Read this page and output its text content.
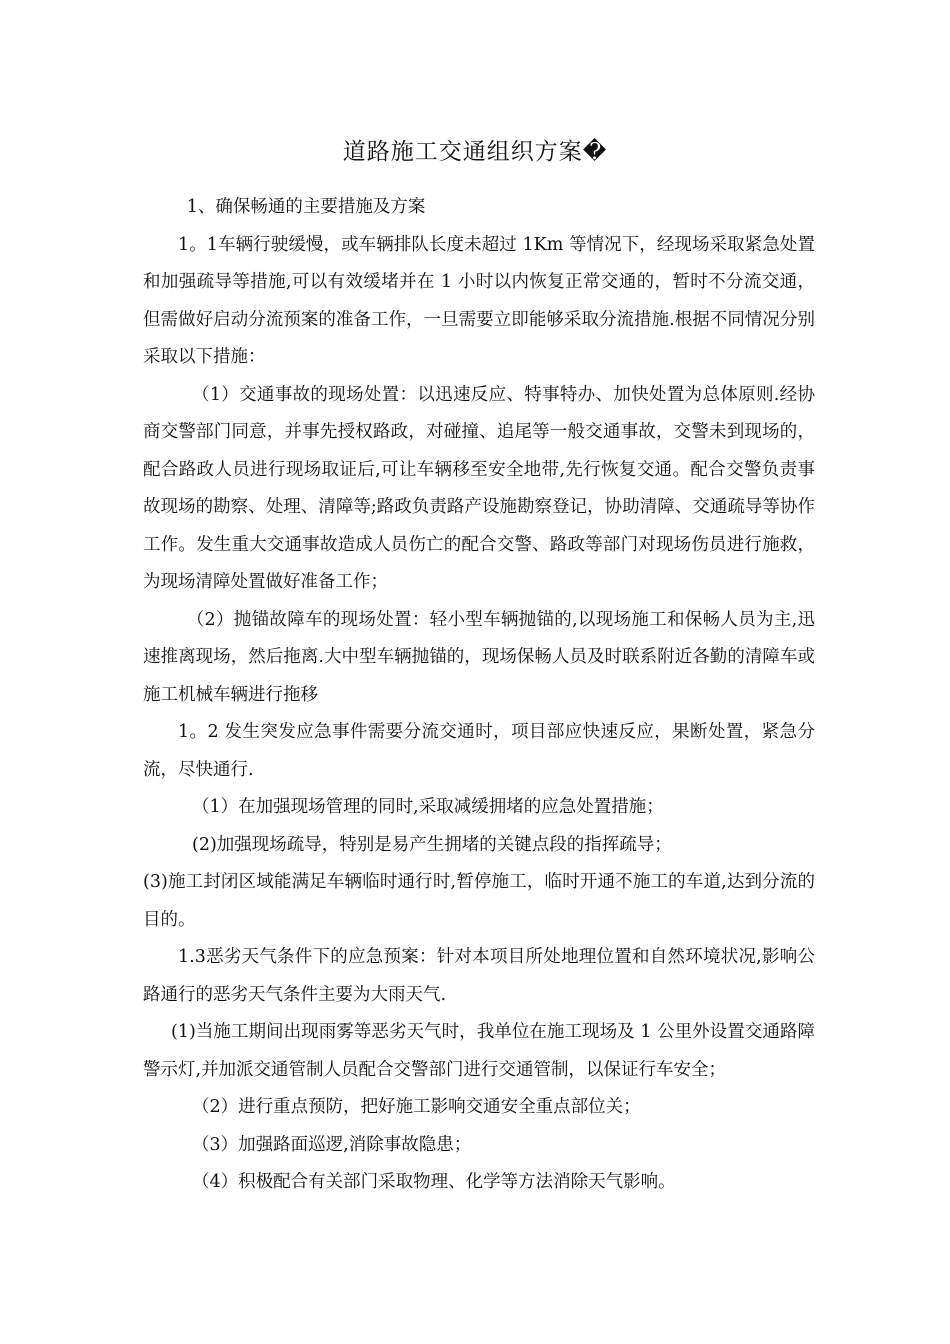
道路施工交通组织方案�

1、确保畅通的主要措施及方案

1。1车辆行驶缓慢，或车辆排队长度未超过 1Km 等情况下，经现场采取紧急处置和加强疏导等措施,可以有效缓堵并在 1 小时以内恢复正常交通的，暂时不分流交通，但需做好启动分流预案的准备工作，一旦需要立即能够采取分流措施.根据不同情况分别采取以下措施：

（1）交通事故的现场处置：以迅速反应、特事特办、加快处置为总体原则.经协商交警部门同意，并事先授权路政，对碰撞、追尾等一般交通事故，交警未到现场的，配合路政人员进行现场取证后,可让车辆移至安全地带,先行恢复交通。配合交警负责事故现场的勘察、处理、清障等;路政负责路产设施勘察登记，协助清障、交通疏导等协作工作。发生重大交通事故造成人员伤亡的配合交警、路政等部门对现场伤员进行施救，为现场清障处置做好准备工作；

（2）抛锚故障车的现场处置：轻小型车辆抛锚的,以现场施工和保畅人员为主,迅速推离现场，然后拖离.大中型车辆抛锚的，现场保畅人员及时联系附近各勤的清障车或施工机械车辆进行拖移

1。2 发生突发应急事件需要分流交通时，项目部应快速反应，果断处置，紧急分流，尽快通行.

（1）在加强现场管理的同时,采取减缓拥堵的应急处置措施；

(2)加强现场疏导，特别是易产生拥堵的关键点段的指挥疏导；

(3)施工封闭区域能满足车辆临时通行时,暂停施工，临时开通不施工的车道,达到分流的目的。

1.3恶劣天气条件下的应急预案：针对本项目所处地理位置和自然环境状况,影响公路通行的恶劣天气条件主要为大雨天气.

(1)当施工期间出现雨雾等恶劣天气时，我单位在施工现场及 1 公里外设置交通路障警示灯,并加派交通管制人员配合交警部门进行交通管制，以保证行车安全；

（2）进行重点预防，把好施工影响交通安全重点部位关；

（3）加强路面巡逻,消除事故隐患；

（4）积极配合有关部门采取物理、化学等方法消除天气影响。
